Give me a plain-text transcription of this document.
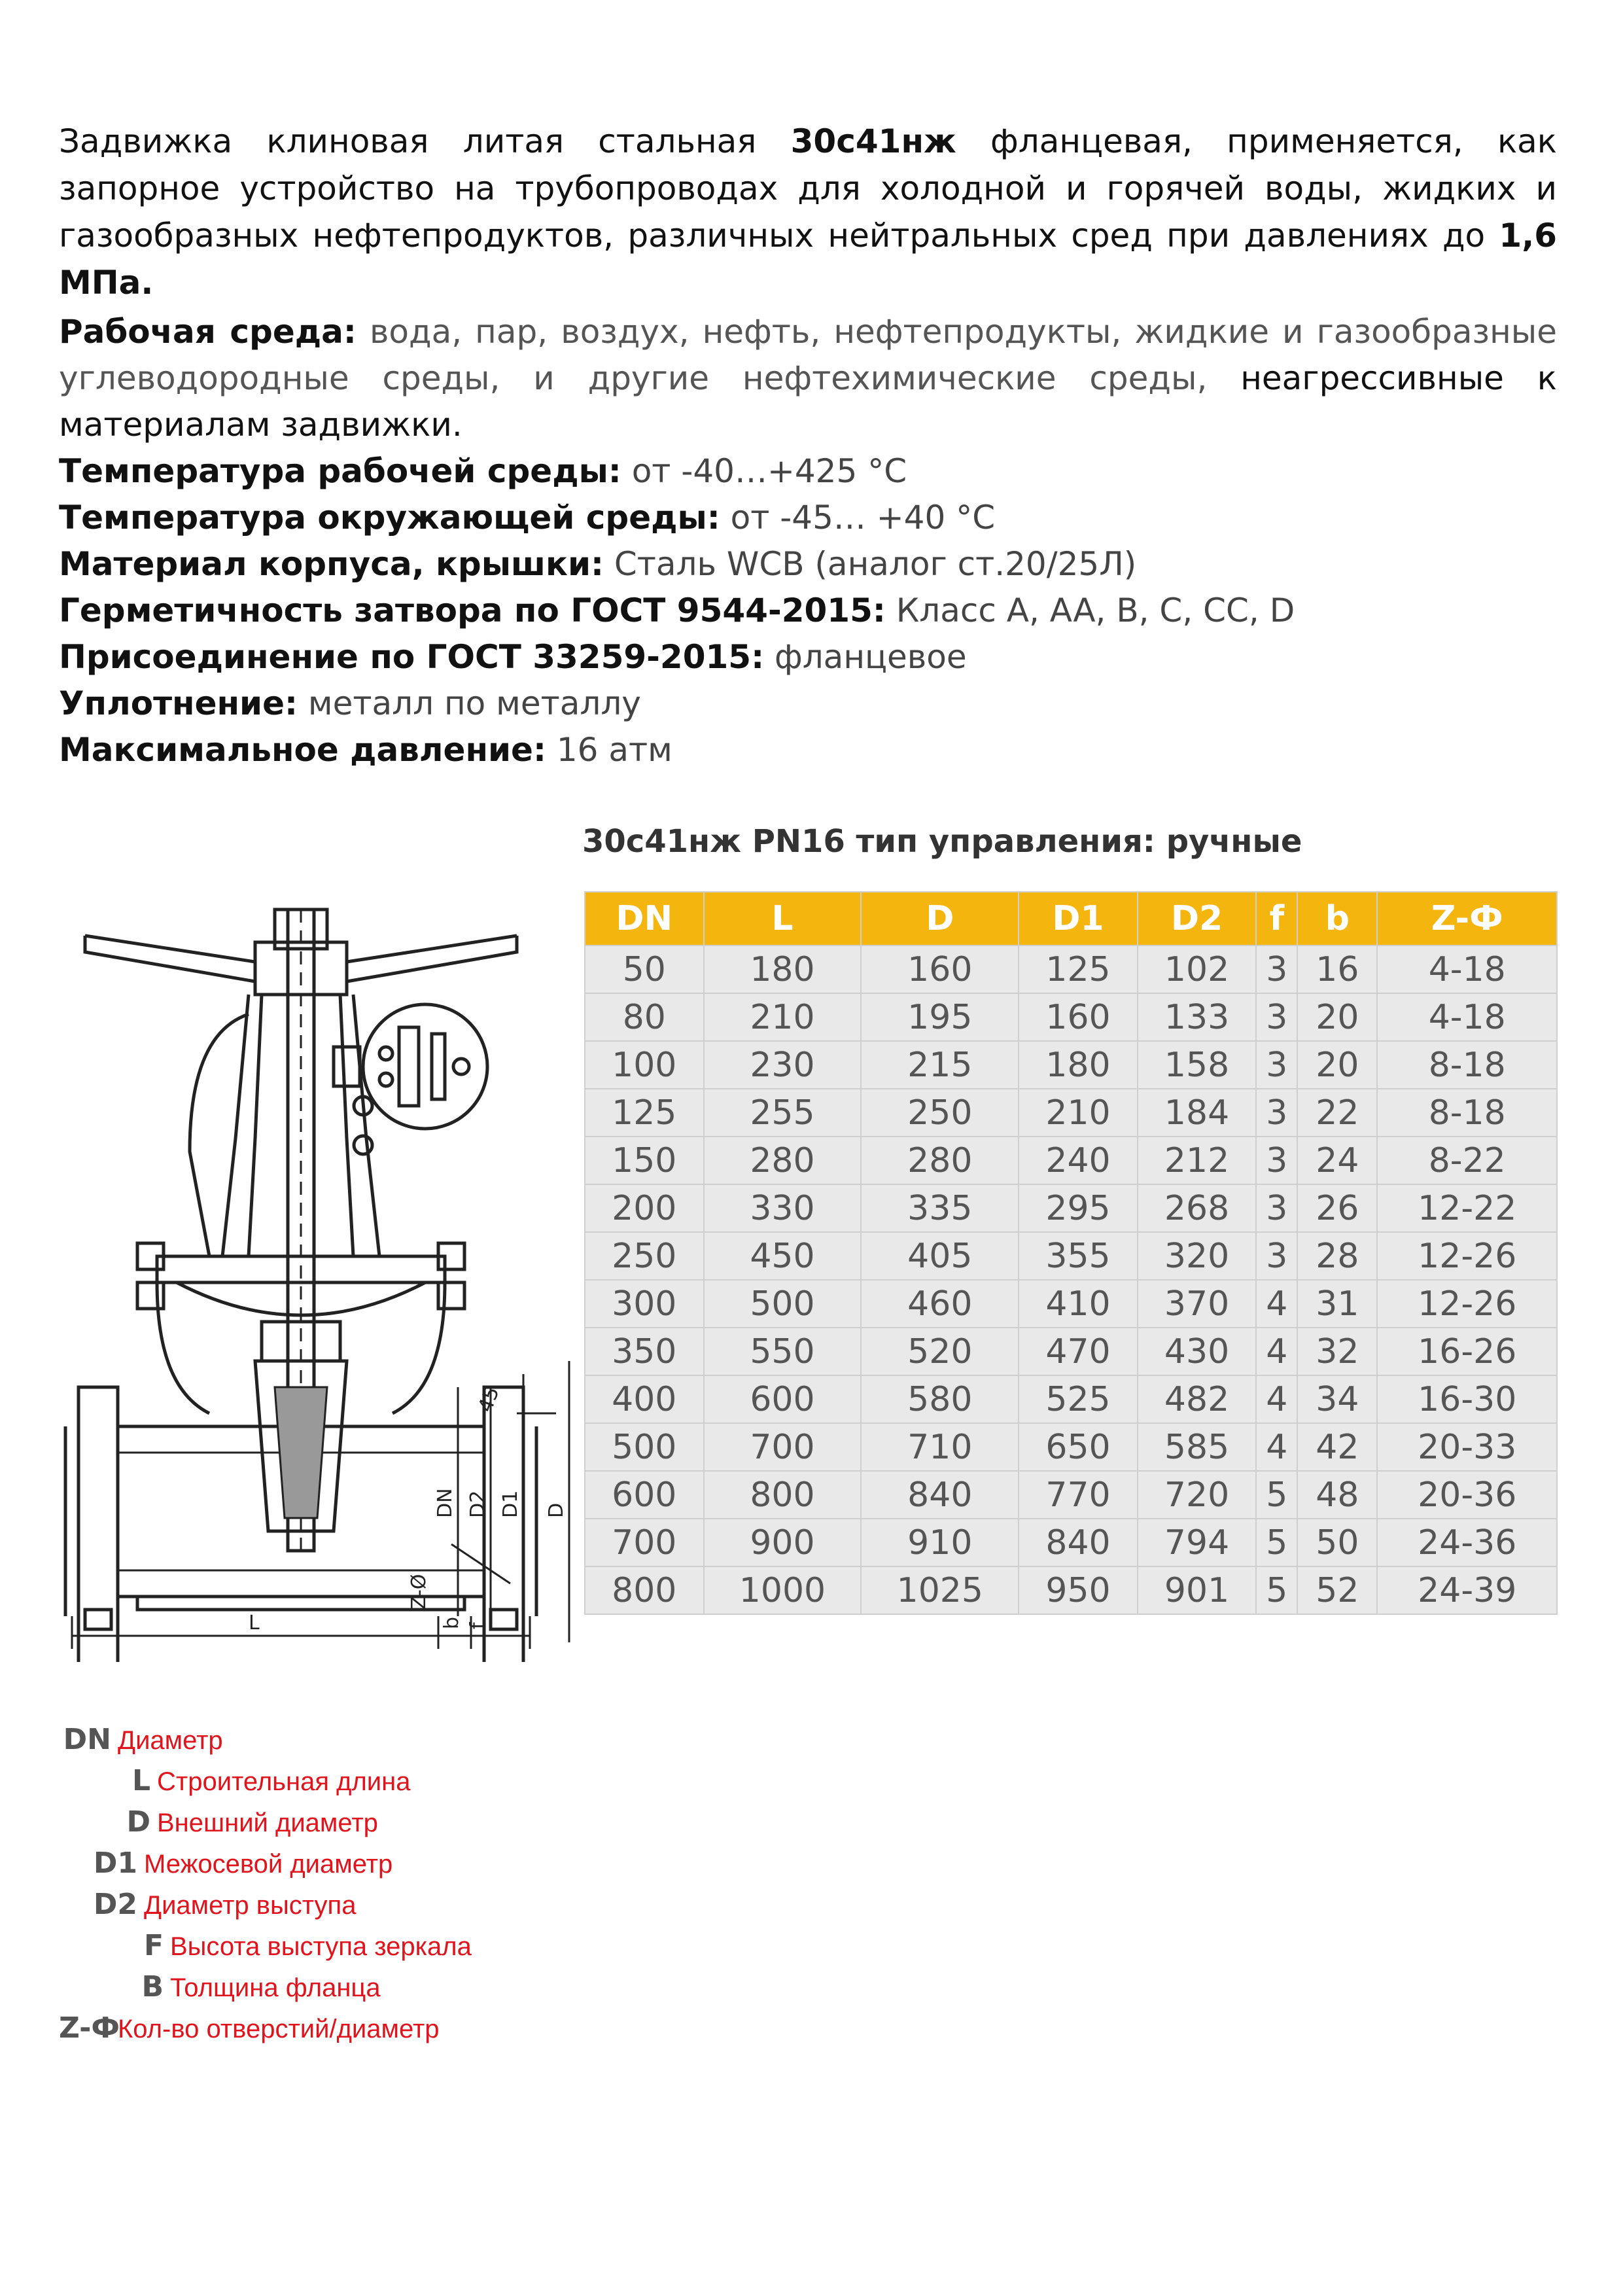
Задвижка клиновая литая стальная 30с41нж фланцевая, применяется, как запорное устройство на трубопроводах для холодной и горячей воды, жидких и газообразных нефтепродуктов, различных нейтральных сред при давлениях до 1,6 МПа.
Рабочая среда: вода, пар, воздух, нефть, нефтепродукты, жидкие и газообразные углеводородные среды, и другие нефтехимические среды, неагрессивные к материалам задвижки.
Температура рабочей среды: от -40…+425 °С
Температура окружающей среды: от -45… +40 °С
Материал корпуса, крышки: Сталь WCB (аналог ст.20/25Л)
Герметичность затвора по ГОСТ 9544-2015: Класс A, AA, B, C, CC, D
Присоединение по ГОСТ 33259-2015: фланцевое
Уплотнение: металл по металлу
Максимальное давление: 16 атм
DN D2 D1 D
L
Z-Ø
b f
45
30с41нж PN16 тип управления: ручные
DN	L	D	D1	D2	f	b	Z-Ф
50	180	160	125	102	3	16	4-18
80	210	195	160	133	3	20	4-18
100	230	215	180	158	3	20	8-18
125	255	250	210	184	3	22	8-18
150	280	280	240	212	3	24	8-22
200	330	335	295	268	3	26	12-22
250	450	405	355	320	3	28	12-26
300	500	460	410	370	4	31	12-26
350	550	520	470	430	4	32	16-26
400	600	580	525	482	4	34	16-30
500	700	710	650	585	4	42	20-33
600	800	840	770	720	5	48	20-36
700	900	910	840	794	5	50	24-36
800	1000	1025	950	901	5	52	24-39
DN Диаметр
L Строительная длина
D Внешний диаметр
D1 Межосевой диаметр
D2 Диаметр выступа
F Высота выступа зеркала
B Толщина фланца
Z-ФКол-во отверстий/диаметр
